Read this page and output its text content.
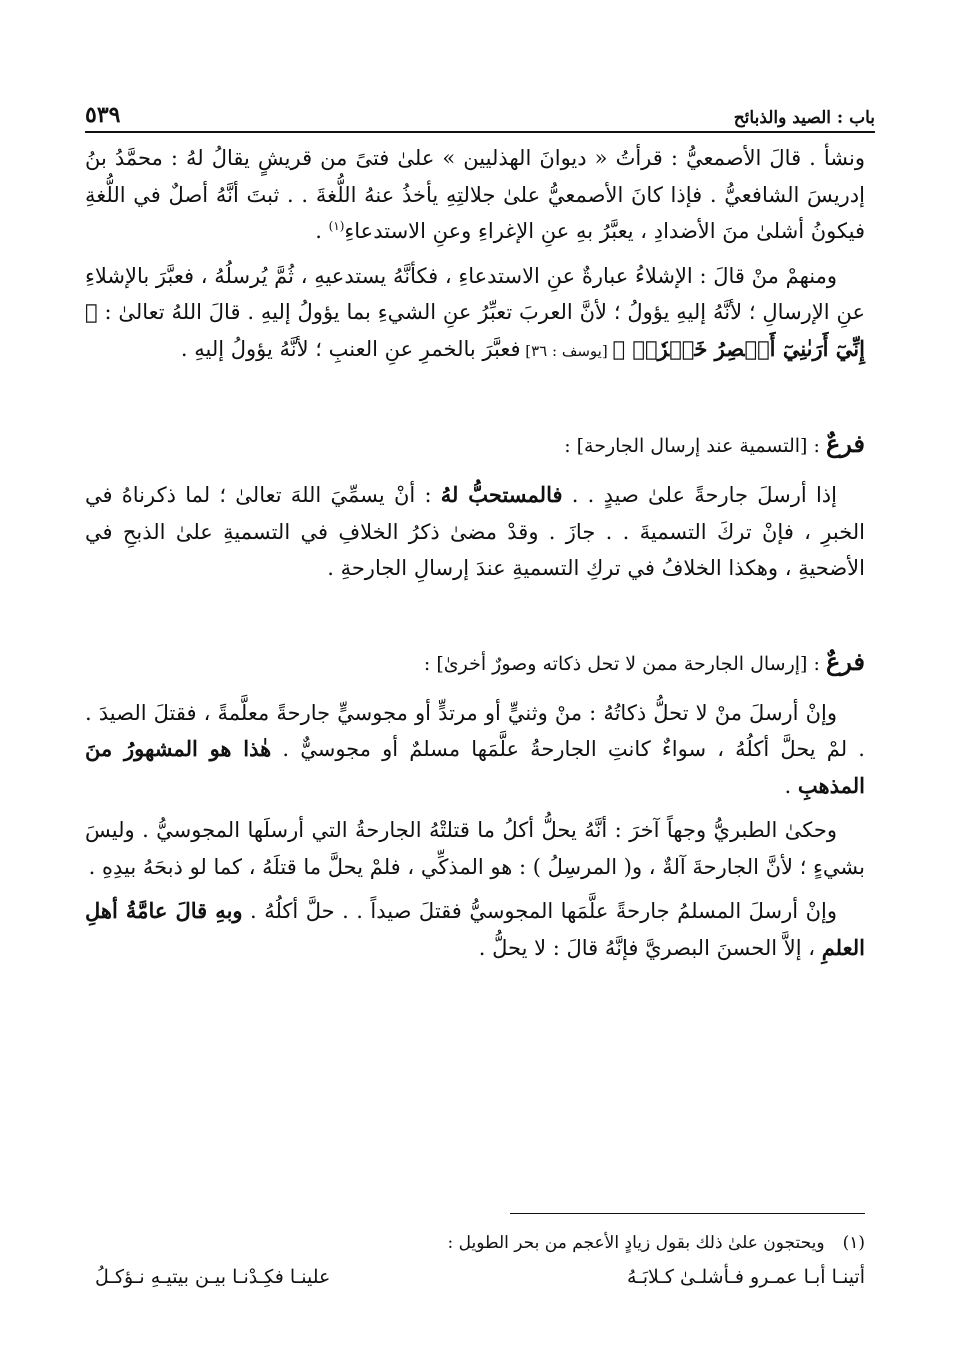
باب : الصيد والذبائح
٥٣٩

ونشأ . قالَ الأصمعيُّ : قرأتُ « ديوانَ الهذليين » علىٰ فتىً من قريشٍ يقالُ لهُ : محمَّدُ بنُ إدريسَ الشافعيُّ . فإذا كانَ الأصمعيُّ علىٰ جلالتِهِ يأخذُ عنهُ اللُّغةَ . . ثبتَ أنَّهُ أصلٌ في اللُّغةِ فيكونُ أشلىٰ منَ الأضدادِ ، يعبَّرُ بهِ عنِ الإغراءِ وعنِ الاستدعاءِ$^{(١)}$ .

ومنهمْ منْ قالَ : الإشلاءُ عبارةٌ عنِ الاستدعاءِ ، فكأنَّهُ يستدعيهِ ، ثُمَّ يُرسلُهُ ، فعبَّرَ بالإشلاءِ عنِ الإرسالِ ؛ لأنَّهُ إليهِ يؤولُ ؛ لأنَّ العربَ تعبِّرُ عنِ الشيءِ بما يؤولُ إليهِ . قالَ اللهُ تعالىٰ : ﴿ إِنِّيٓ أَرَىٰنِيٓ أَعۡصِرُ خَمۡرٗاۖ ﴾ [يوسف : ٣٦] فعبَّرَ بالخمرِ عنِ العنبِ ؛ لأنَّهُ يؤولُ إليهِ .

فرعٌ : [التسمية عند إرسال الجارحة] :

إذا أرسلَ جارحةً علىٰ صيدٍ . . فالمستحبُّ لهُ : أنْ يسمِّيَ اللهَ تعالىٰ ؛ لما ذكرناهُ في الخبرِ ، فإنْ تركَ التسميةَ . . جازَ . وقدْ مضىٰ ذكرُ الخلافِ في التسميةِ علىٰ الذبحِ في الأضحيةِ ، وهكذا الخلافُ في تركِ التسميةِ عندَ إرسالِ الجارحةِ .

فرعٌ : [إرسال الجارحة ممن لا تحل ذكاته وصورٌ أخرىٰ] :

وإنْ أرسلَ منْ لا تحلُّ ذكاتُهُ : منْ وثنيٍّ أو مرتدٍّ أو مجوسيٍّ جارحةً معلَّمةً ، فقتلَ الصيدَ . . لمْ يحلَّ أكلُهُ ، سواءٌ كانتِ الجارحةُ علَّمَها مسلمٌ أو مجوسيٌّ . هٰذا هو المشهورُ منَ المذهبِ .

وحكىٰ الطبريُّ وجهاً آخرَ : أنَّهُ يحلُّ أكلُ ما قتلتْهُ الجارحةُ التي أرسلَها المجوسيُّ . وليسَ بشيءٍ ؛ لأنَّ الجارحةَ آلةٌ ، و( المرسِلُ ) : هو المذكِّي ، فلمْ يحلَّ ما قتلَهُ ، كما لو ذبحَهُ بيدِهِ .

وإنْ أرسلَ المسلمُ جارحةً علَّمَها المجوسيُّ فقتلَ صيداً . . حلَّ أكلُهُ . وبهِ قالَ عامَّةُ أهلِ العلمِ ، إلاَّ الحسنَ البصريَّ فإنَّهُ قالَ : لا يحلُّ .

(١)
ويحتجون علىٰ ذلك بقول زيادٍ الأعجم من بحر الطويل :
أتينـا أبـا عمـرو فـأشلـىٰ كـلابَـهُ
علينـا فكِـدْنـا بيـن بيتيـهِ نـؤكـلُ
